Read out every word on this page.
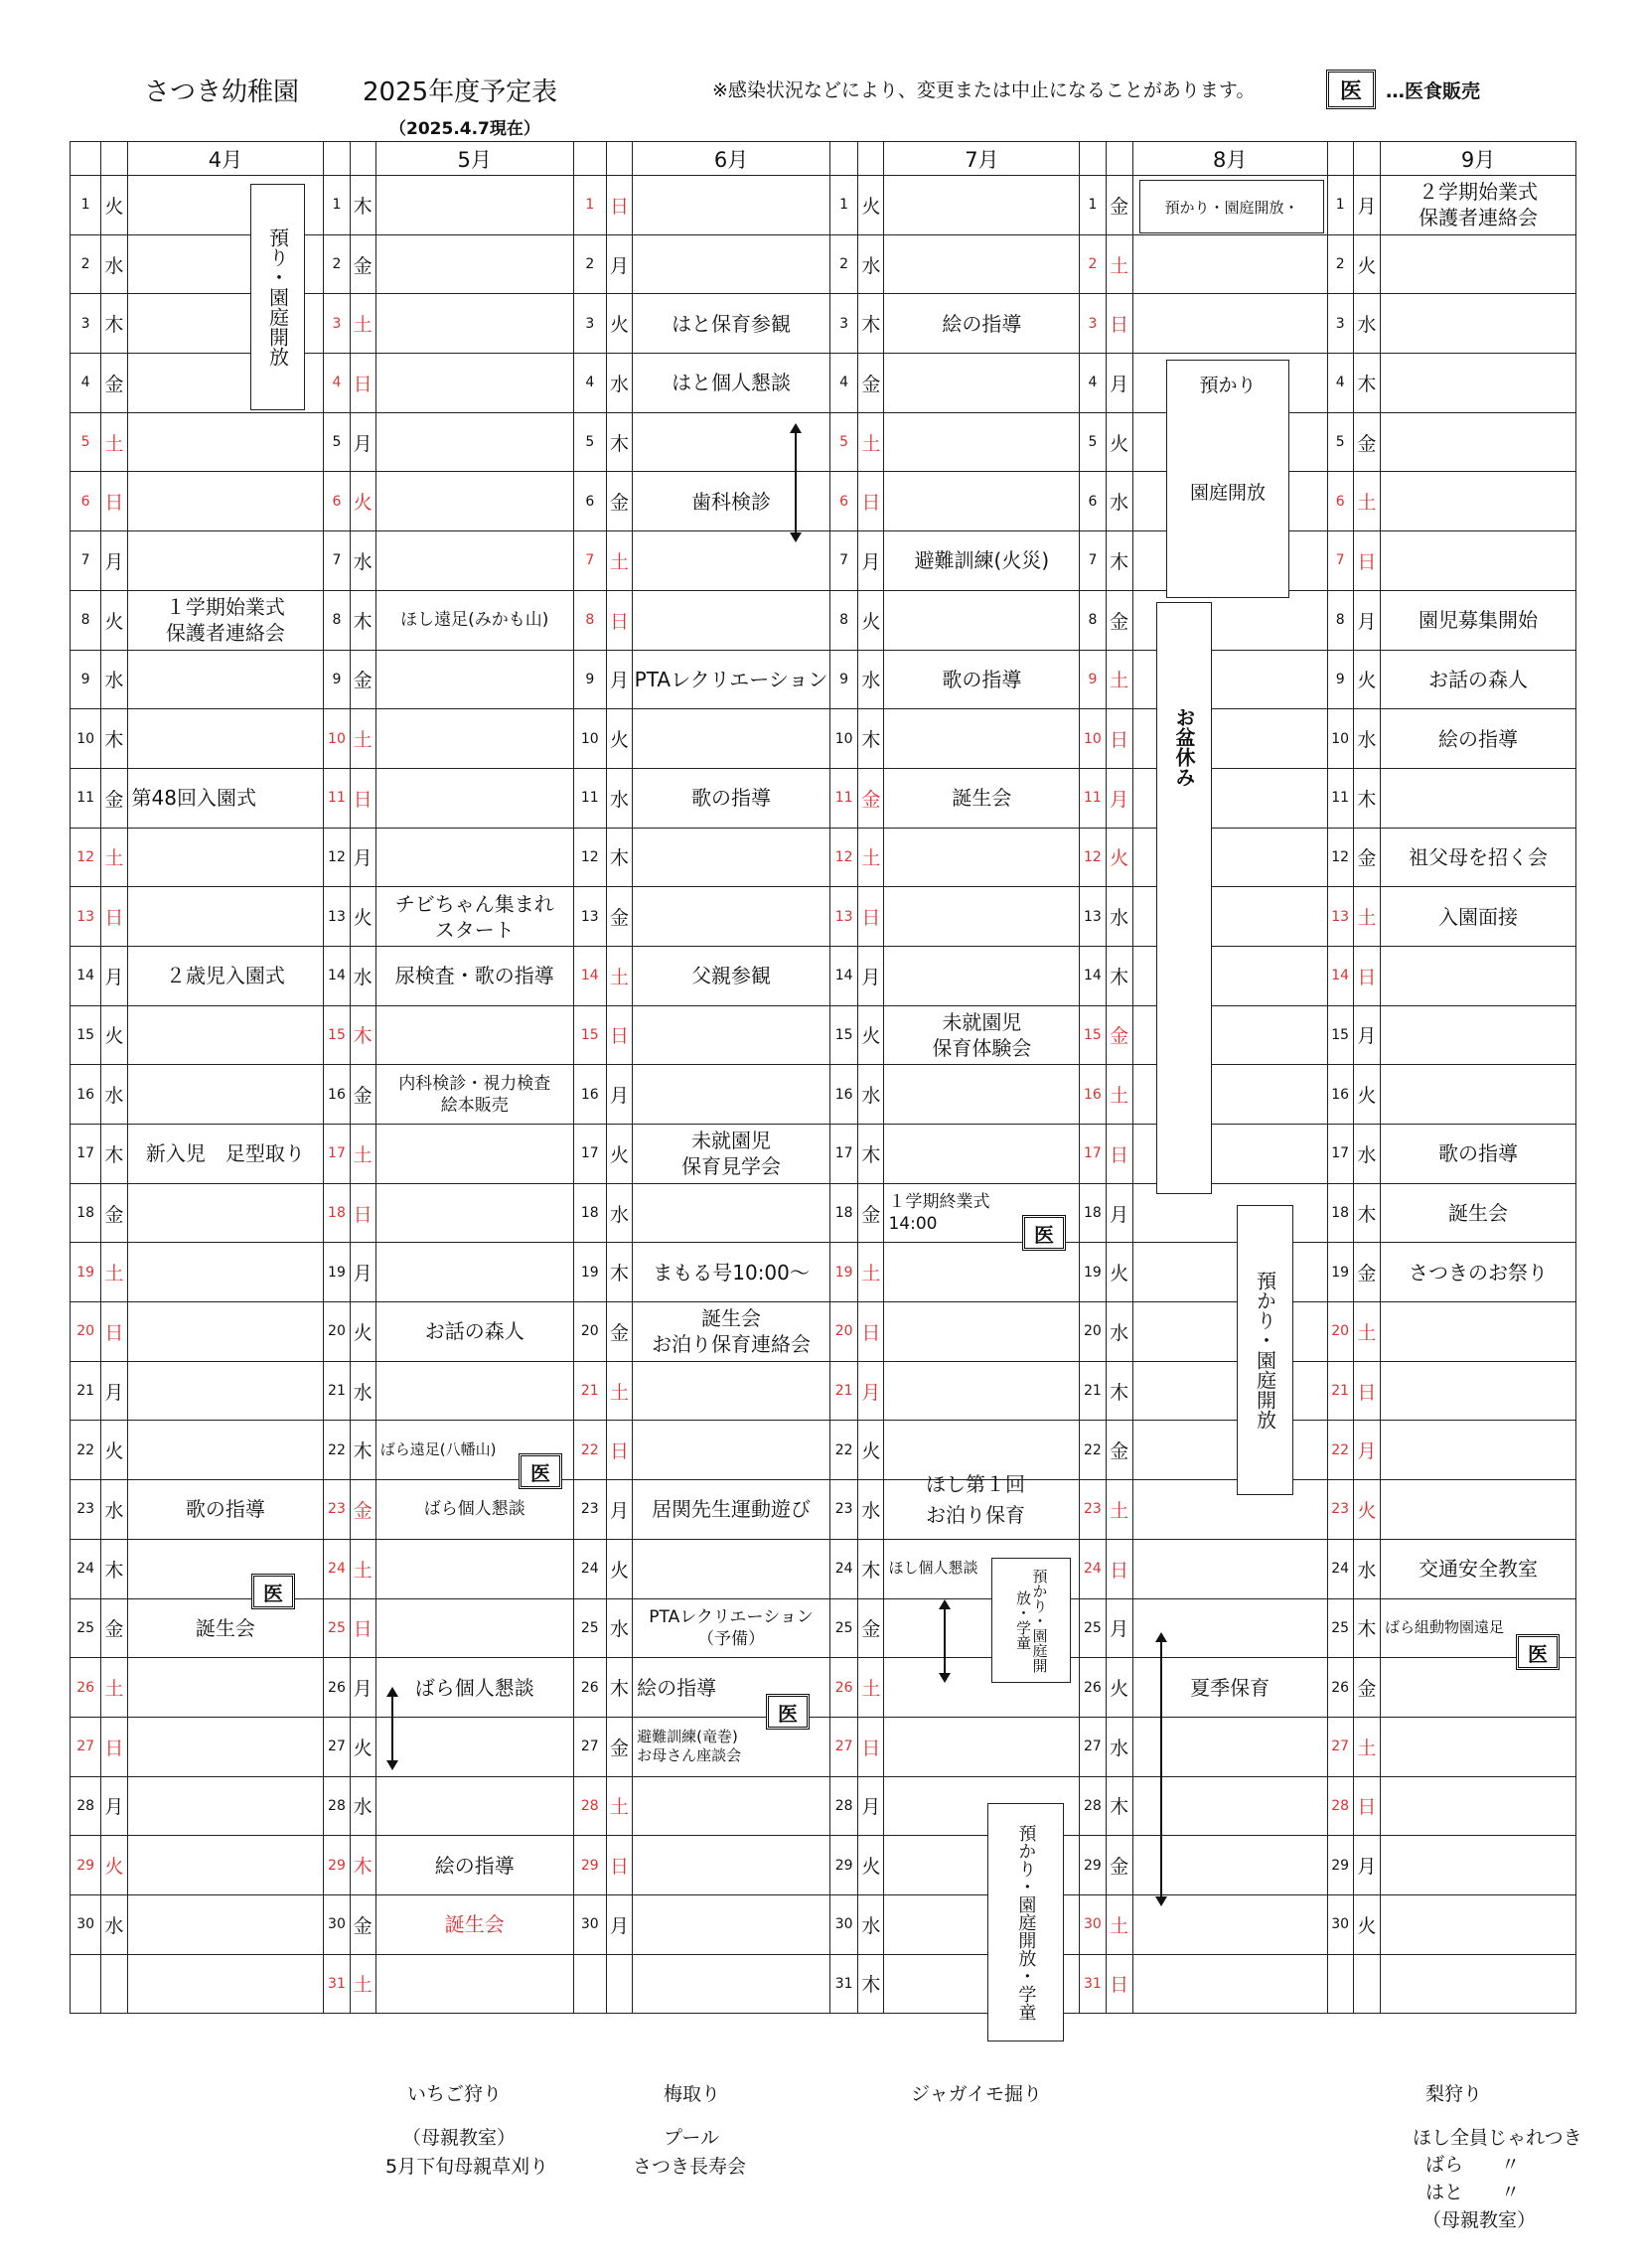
さつき幼稚園 2025年度予定表
（2025.4.7現在）
※感染状況などにより、変更または中止になることがあります。	医	…医食販売
		4月			5月			6月			7月			8月			9月
1	火		1	木		1	日		1	火		1	金		1	月	２学期始業式
保護者連絡会
2	水		2	金		2	月		2	水		2	土		2	火	
3	木		3	土		3	火	はと保育参観	3	木	絵の指導	3	日		3	水	
4	金		4	日		4	水	はと個人懇談	4	金		4	月		4	木	
5	土		5	月		5	木		5	土		5	火		5	金	
6	日		6	火		6	金	歯科検診	6	日		6	水		6	土	
7	月		7	水		7	土		7	月	避難訓練(火災)	7	木		7	日	
8	火	１学期始業式
保護者連絡会	8	木	ほし遠足(みかも山)	8	日		8	火		8	金		8	月	園児募集開始
9	水		9	金		9	月	PTAレクリエーション	9	水	歌の指導	9	土		9	火	お話の森人
10	木		10	土		10	火		10	木		10	日		10	水	絵の指導
11	金	第48回入園式	11	日		11	水	歌の指導	11	金	誕生会	11	月		11	木	
12	土		12	月		12	木		12	土		12	火		12	金	祖父母を招く会
13	日		13	火	チビちゃん集まれ
スタート	13	金		13	日		13	水		13	土	入園面接
14	月	２歳児入園式	14	水	尿検査・歌の指導	14	土	父親参観	14	月		14	木		14	日	
15	火		15	木		15	日		15	火	未就園児
保育体験会	15	金		15	月	
16	水		16	金	内科検診・視力検査
絵本販売	16	月		16	水		16	土		16	火	
17	木	新入児　足型取り	17	土		17	火	未就園児
保育見学会	17	木		17	日		17	水	歌の指導
18	金		18	日		18	水		18	金	１学期終業式
14:00	18	月		18	木	誕生会
19	土		19	月		19	木	まもる号10:00～	19	土		19	火		19	金	さつきのお祭り
20	日		20	火	お話の森人	20	金	誕生会
お泊り保育連絡会	20	日		20	水		20	土	
21	月		21	水		21	土		21	月		21	木		21	日	
22	火		22	木	ばら遠足(八幡山)	22	日		22	火		22	金		22	月	
23	水	歌の指導	23	金	ばら個人懇談	23	月	居関先生運動遊び	23	水		23	土		23	火	
24	木		24	土		24	火		24	木	ほし個人懇談	24	日		24	水	交通安全教室
25	金	誕生会	25	日		25	水	PTAレクリエーション
（予備）	25	金		25	月		25	木	ばら組動物園遠足
26	土		26	月	ばら個人懇談	26	木	絵の指導	26	土		26	火	夏季保育	26	金	
27	日		27	火		27	金	避難訓練(竜巻)
お母さん座談会	27	日		27	水		27	土	
28	月		28	水		28	土		28	月		28	木		28	日	
29	火		29	木	絵の指導	29	日		29	火		29	金		29	月	
30	水		30	金	誕生会	30	月		30	水		30	土		30	火	
			31	土					31	木		31	日				
預り・園庭開放
預かり・園庭開放・
預かり
園庭開放
お盆休み
預かり・園庭開放
ほし第１回
お泊り保育
預かり・園庭開放・学童
預かり・園庭開放・学童
医
医
医
医
医
いちご狩り
（母親教室）
5月下旬母親草刈り
梅取り
プール
さつき長寿会
ジャガイモ掘り	梨狩り
ほし全員じゃれつき
ばら　　〃
はと　　〃
（母親教室）
